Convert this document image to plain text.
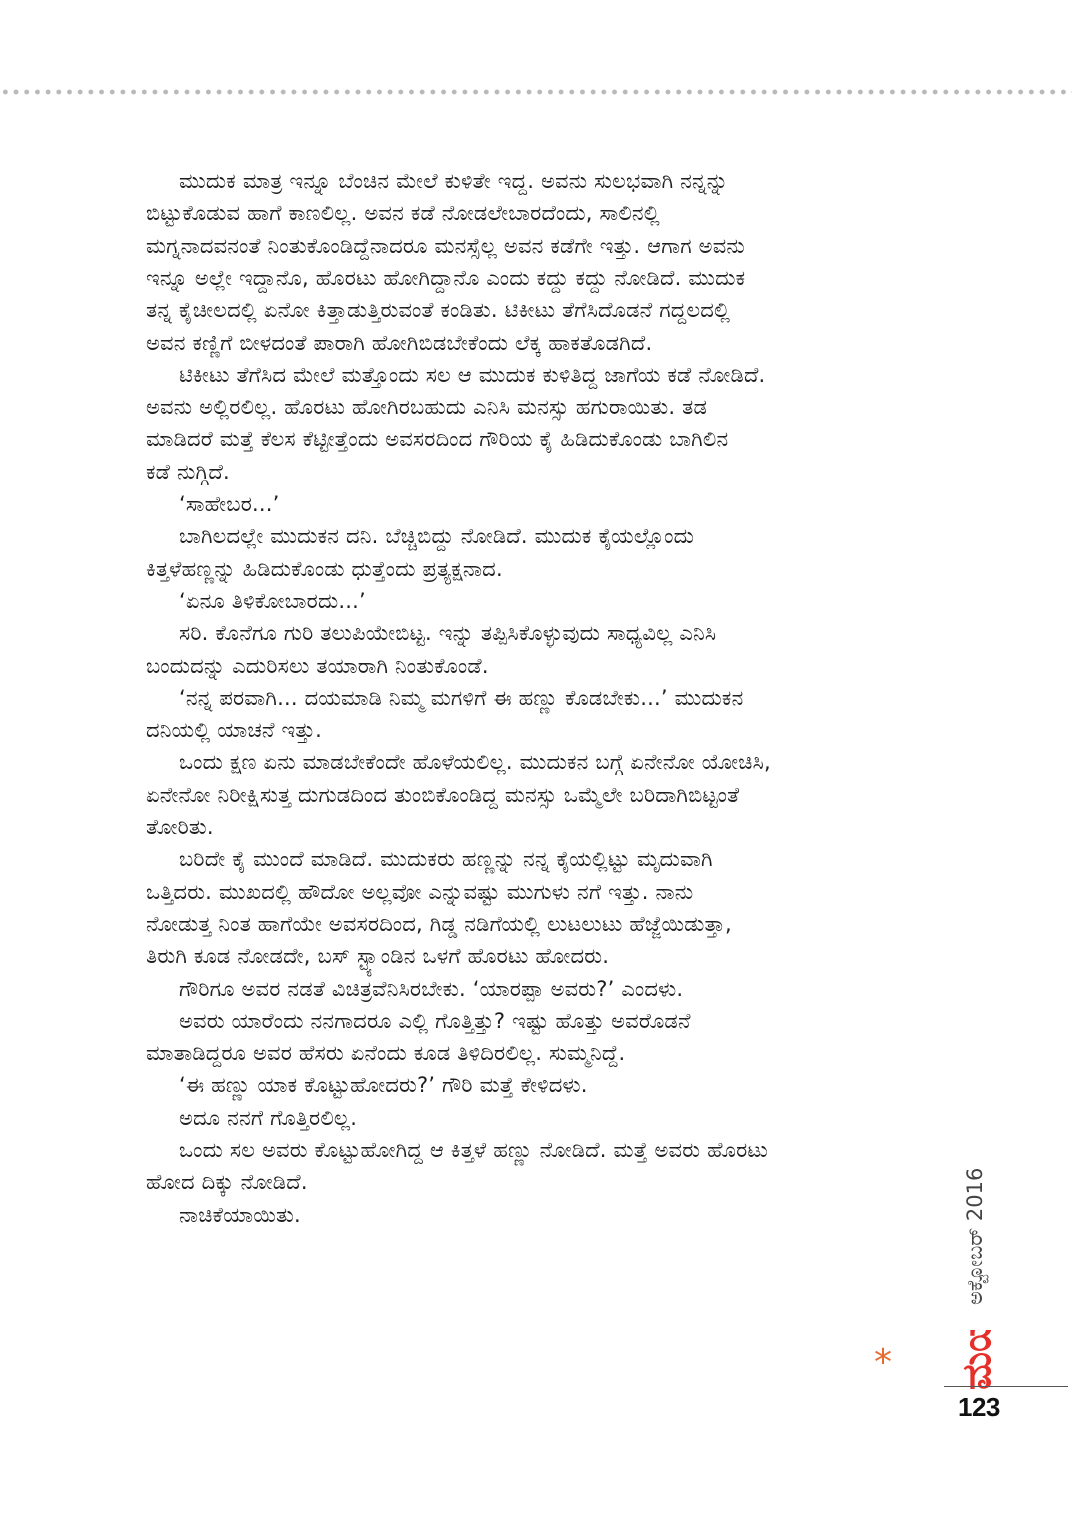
ಮುದುಕ ಮಾತ್ರ ಇನ್ನೂ ಬೆಂಚಿನ ಮೇಲೆ ಕುಳಿತೇ ಇದ್ದ. ಅವನು ಸುಲಭವಾಗಿ ನನ್ನನ್ನು
ಬಿಟ್ಟುಕೊಡುವ ಹಾಗೆ ಕಾಣಲಿಲ್ಲ. ಅವನ ಕಡೆ ನೋಡಲೇಬಾರದೆಂದು, ಸಾಲಿನಲ್ಲಿ
ಮಗ್ನನಾದವನಂತೆ ನಿಂತುಕೊಂಡಿದ್ದೆನಾದರೂ ಮನಸ್ಸೆಲ್ಲ ಅವನ ಕಡೆಗೇ ಇತ್ತು. ಆಗಾಗ ಅವನು
ಇನ್ನೂ ಅಲ್ಲೇ ಇದ್ದಾನೊ, ಹೊರಟು ಹೋಗಿದ್ದಾನೊ ಎಂದು ಕದ್ದು ಕದ್ದು ನೋಡಿದೆ. ಮುದುಕ
ತನ್ನ ಕೈಚೀಲದಲ್ಲಿ ಏನೋ ಕಿತ್ತಾಡುತ್ತಿರುವಂತೆ ಕಂಡಿತು. ಟಿಕೀಟು ತೆಗೆಸಿದೊಡನೆ ಗದ್ದಲದಲ್ಲಿ
ಅವನ ಕಣ್ಣಿಗೆ ಬೀಳದಂತೆ ಪಾರಾಗಿ ಹೋಗಿಬಿಡಬೇಕೆಂದು ಲೆಕ್ಕ ಹಾಕತೊಡಗಿದೆ.
ಟಿಕೀಟು ತೆಗೆಸಿದ ಮೇಲೆ ಮತ್ತೊಂದು ಸಲ ಆ ಮುದುಕ ಕುಳಿತಿದ್ದ ಜಾಗೆಯ ಕಡೆ ನೋಡಿದೆ.
ಅವನು ಅಲ್ಲಿರಲಿಲ್ಲ. ಹೊರಟು ಹೋಗಿರಬಹುದು ಎನಿಸಿ ಮನಸ್ಸು ಹಗುರಾಯಿತು. ತಡ
ಮಾಡಿದರೆ ಮತ್ತೆ ಕೆಲಸ ಕೆಟ್ಟೀತ್ತೆಂದು ಅವಸರದಿಂದ ಗೌರಿಯ ಕೈ ಹಿಡಿದುಕೊಂಡು ಬಾಗಿಲಿನ
ಕಡೆ ನುಗ್ಗಿದೆ.
‘ಸಾಹೇಬರ...’
ಬಾಗಿಲದಲ್ಲೇ ಮುದುಕನ ದನಿ. ಬೆಚ್ಚಿಬಿದ್ದು ನೋಡಿದೆ. ಮುದುಕ ಕೈಯಲ್ಲೊಂದು
ಕಿತ್ತಳೆಹಣ್ಣನ್ನು ಹಿಡಿದುಕೊಂಡು ಧುತ್ತೆಂದು ಪ್ರತ್ಯಕ್ಷನಾದ.
‘ಏನೂ ತಿಳಿಕೋಬಾರದು...’
ಸರಿ. ಕೊನೆಗೂ ಗುರಿ ತಲುಪಿಯೇಬಿಟ್ಟ. ಇನ್ನು ತಪ್ಪಿಸಿಕೊಳ್ಳುವುದು ಸಾಧ್ಯವಿಲ್ಲ ಎನಿಸಿ
ಬಂದುದನ್ನು ಎದುರಿಸಲು ತಯಾರಾಗಿ ನಿಂತುಕೊಂಡೆ.
‘ನನ್ನ ಪರವಾಗಿ... ದಯಮಾಡಿ ನಿಮ್ಮ ಮಗಳಿಗೆ ಈ ಹಣ್ಣು ಕೊಡಬೇಕು...’ ಮುದುಕನ
ದನಿಯಲ್ಲಿ ಯಾಚನೆ ಇತ್ತು.
ಒಂದು ಕ್ಷಣ ಏನು ಮಾಡಬೇಕೆಂದೇ ಹೊಳೆಯಲಿಲ್ಲ. ಮುದುಕನ ಬಗ್ಗೆ ಏನೇನೋ ಯೋಚಿಸಿ,
ಏನೇನೋ ನಿರೀಕ್ಷಿಸುತ್ತ ದುಗುಡದಿಂದ ತುಂಬಿಕೊಂಡಿದ್ದ ಮನಸ್ಸು ಒಮ್ಮೆಲೇ ಬರಿದಾಗಿಬಿಟ್ಟಂತೆ
ತೋರಿತು.
ಬರಿದೇ ಕೈ ಮುಂದೆ ಮಾಡಿದೆ. ಮುದುಕರು ಹಣ್ಣನ್ನು ನನ್ನ ಕೈಯಲ್ಲಿಟ್ಟು ಮೃದುವಾಗಿ
ಒತ್ತಿದರು. ಮುಖದಲ್ಲಿ ಹೌದೋ ಅಲ್ಲವೋ ಎನ್ನುವಷ್ಟು ಮುಗುಳು ನಗೆ ಇತ್ತು. ನಾನು
ನೋಡುತ್ತ ನಿಂತ ಹಾಗೆಯೇ ಅವಸರದಿಂದ, ಗಿಡ್ಡ ನಡಿಗೆಯಲ್ಲಿ ಲುಟಲುಟು ಹೆಜ್ಜೆಯಿಡುತ್ತಾ,
ತಿರುಗಿ ಕೂಡ ನೋಡದೇ, ಬಸ್ ಸ್ಟ್ಯಾಂಡಿನ ಒಳಗೆ ಹೊರಟು ಹೋದರು.
ಗೌರಿಗೂ ಅವರ ನಡತೆ ವಿಚಿತ್ರವೆನಿಸಿರಬೇಕು. ‘ಯಾರಪ್ಪಾ ಅವರು?’ ಎಂದಳು.
ಅವರು ಯಾರೆಂದು ನನಗಾದರೂ ಎಲ್ಲಿ ಗೊತ್ತಿತ್ತು? ಇಷ್ಟು ಹೊತ್ತು ಅವರೊಡನೆ
ಮಾತಾಡಿದ್ದರೂ ಅವರ ಹೆಸರು ಏನೆಂದು ಕೂಡ ತಿಳಿದಿರಲಿಲ್ಲ. ಸುಮ್ಮನಿದ್ದೆ.
‘ಈ ಹಣ್ಣು ಯಾಕ ಕೊಟ್ಟುಹೋದರು?’ ಗೌರಿ ಮತ್ತೆ ಕೇಳಿದಳು.
ಅದೂ ನನಗೆ ಗೊತ್ತಿರಲಿಲ್ಲ.
ಒಂದು ಸಲ ಅವರು ಕೊಟ್ಟುಹೋಗಿದ್ದ ಆ ಕಿತ್ತಳೆ ಹಣ್ಣು ನೋಡಿದೆ. ಮತ್ತೆ ಅವರು ಹೊರಟು
ಹೋದ ದಿಕ್ಕು ನೋಡಿದೆ.
ನಾಚಿಕೆಯಾಯಿತು.	ಅಕ್ಟೋಬರ್ 2016
*
123
